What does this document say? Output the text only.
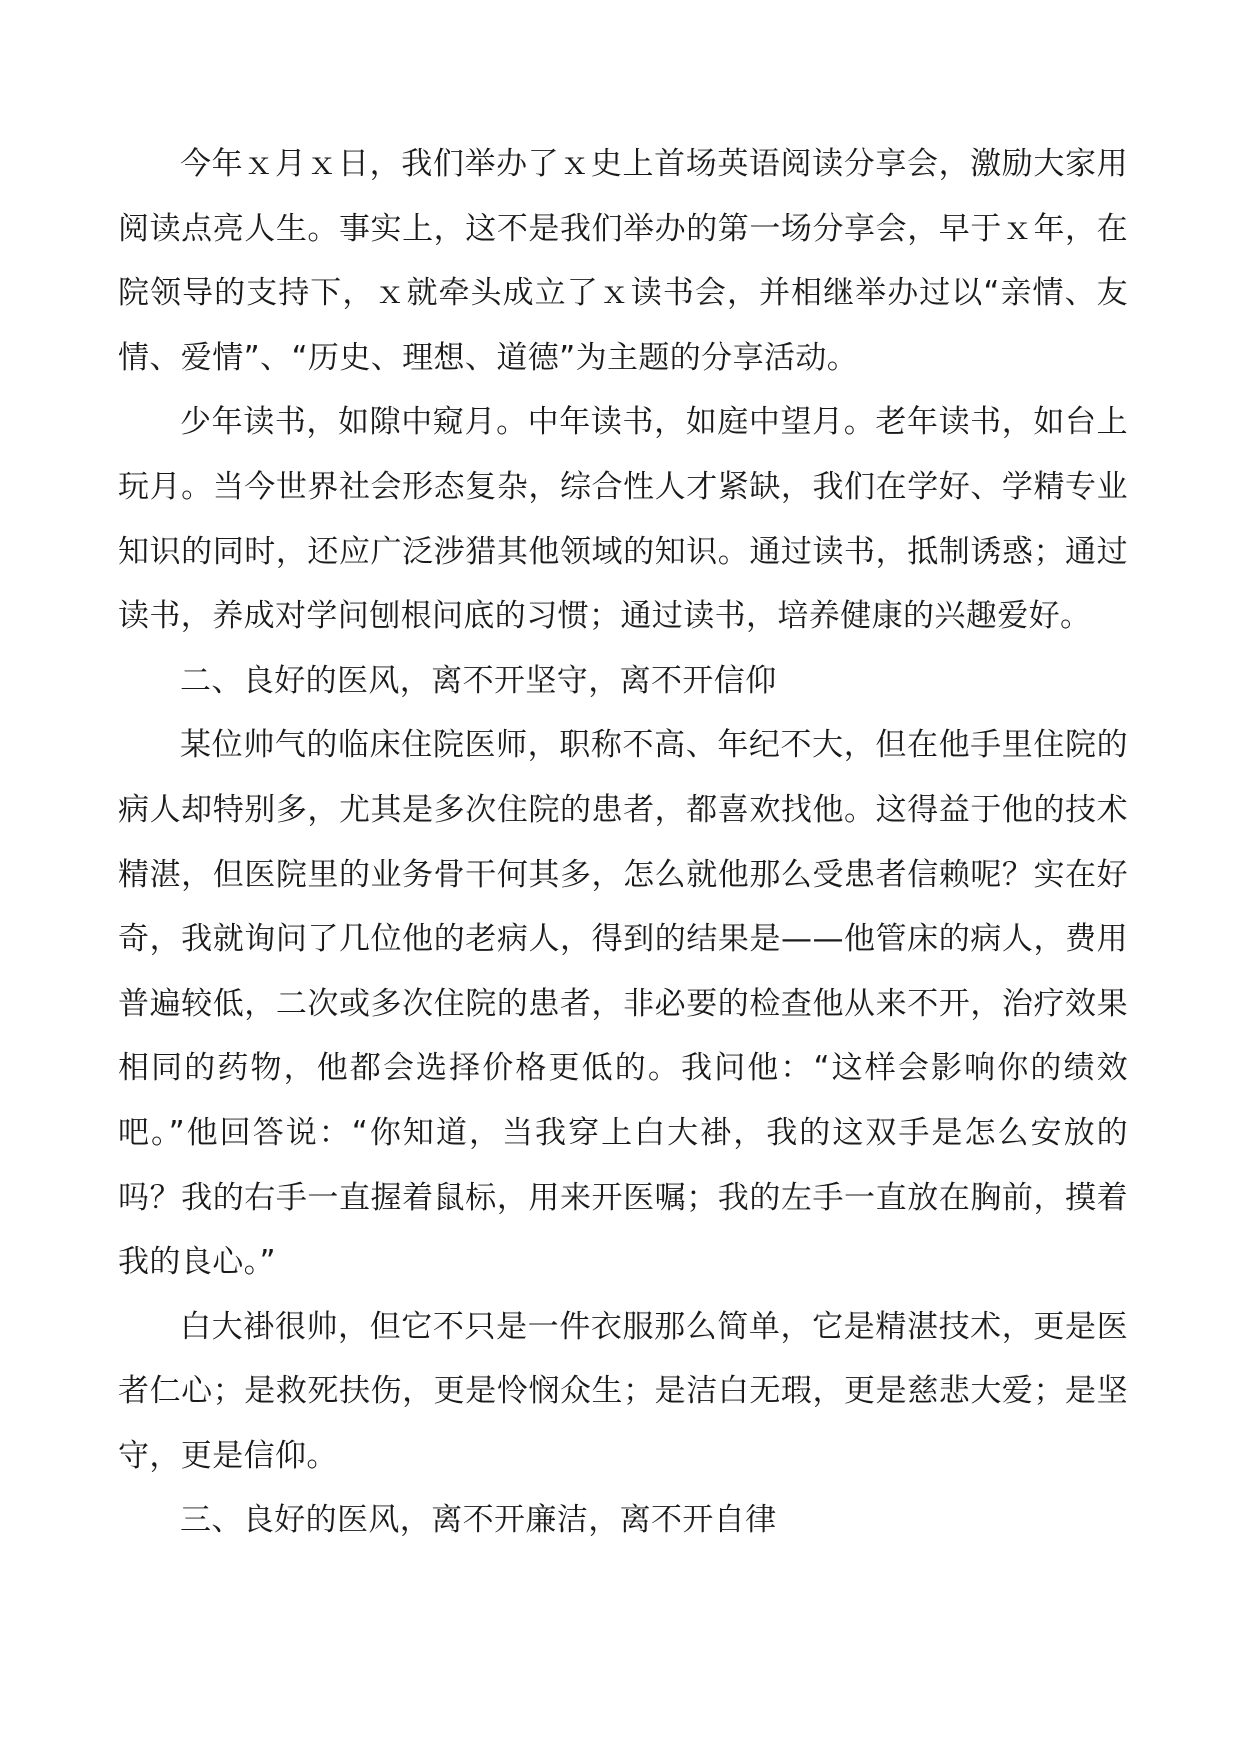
今年ｘ月ｘ日，我们举办了ｘ史上首场英语阅读分享会，激励大家用阅读点亮人生。事实上，这不是我们举办的第一场分享会，早于ｘ年，在院领导的支持下，ｘ就牵头成立了ｘ读书会，并相继举办过以“亲情、友情、爱情”、“历史、理想、道德”为主题的分享活动。

少年读书，如隙中窥月。中年读书，如庭中望月。老年读书，如台上玩月。当今世界社会形态复杂，综合性人才紧缺，我们在学好、学精专业知识的同时，还应广泛涉猎其他领域的知识。通过读书，抵制诱惑；通过读书，养成对学问刨根问底的习惯；通过读书，培养健康的兴趣爱好。

二、良好的医风，离不开坚守，离不开信仰

某位帅气的临床住院医师，职称不高、年纪不大，但在他手里住院的病人却特别多，尤其是多次住院的患者，都喜欢找他。这得益于他的技术精湛，但医院里的业务骨干何其多，怎么就他那么受患者信赖呢？实在好奇，我就询问了几位他的老病人，得到的结果是——他管床的病人，费用普遍较低，二次或多次住院的患者，非必要的检查他从来不开，治疗效果相同的药物，他都会选择价格更低的。我问他：“这样会影响你的绩效吧。”他回答说：“你知道，当我穿上白大褂，我的这双手是怎么安放的吗？我的右手一直握着鼠标，用来开医嘱；我的左手一直放在胸前，摸着我的良心。”

白大褂很帅，但它不只是一件衣服那么简单，它是精湛技术，更是医者仁心；是救死扶伤，更是怜悯众生；是洁白无瑕，更是慈悲大爱；是坚守，更是信仰。

三、良好的医风，离不开廉洁，离不开自律
